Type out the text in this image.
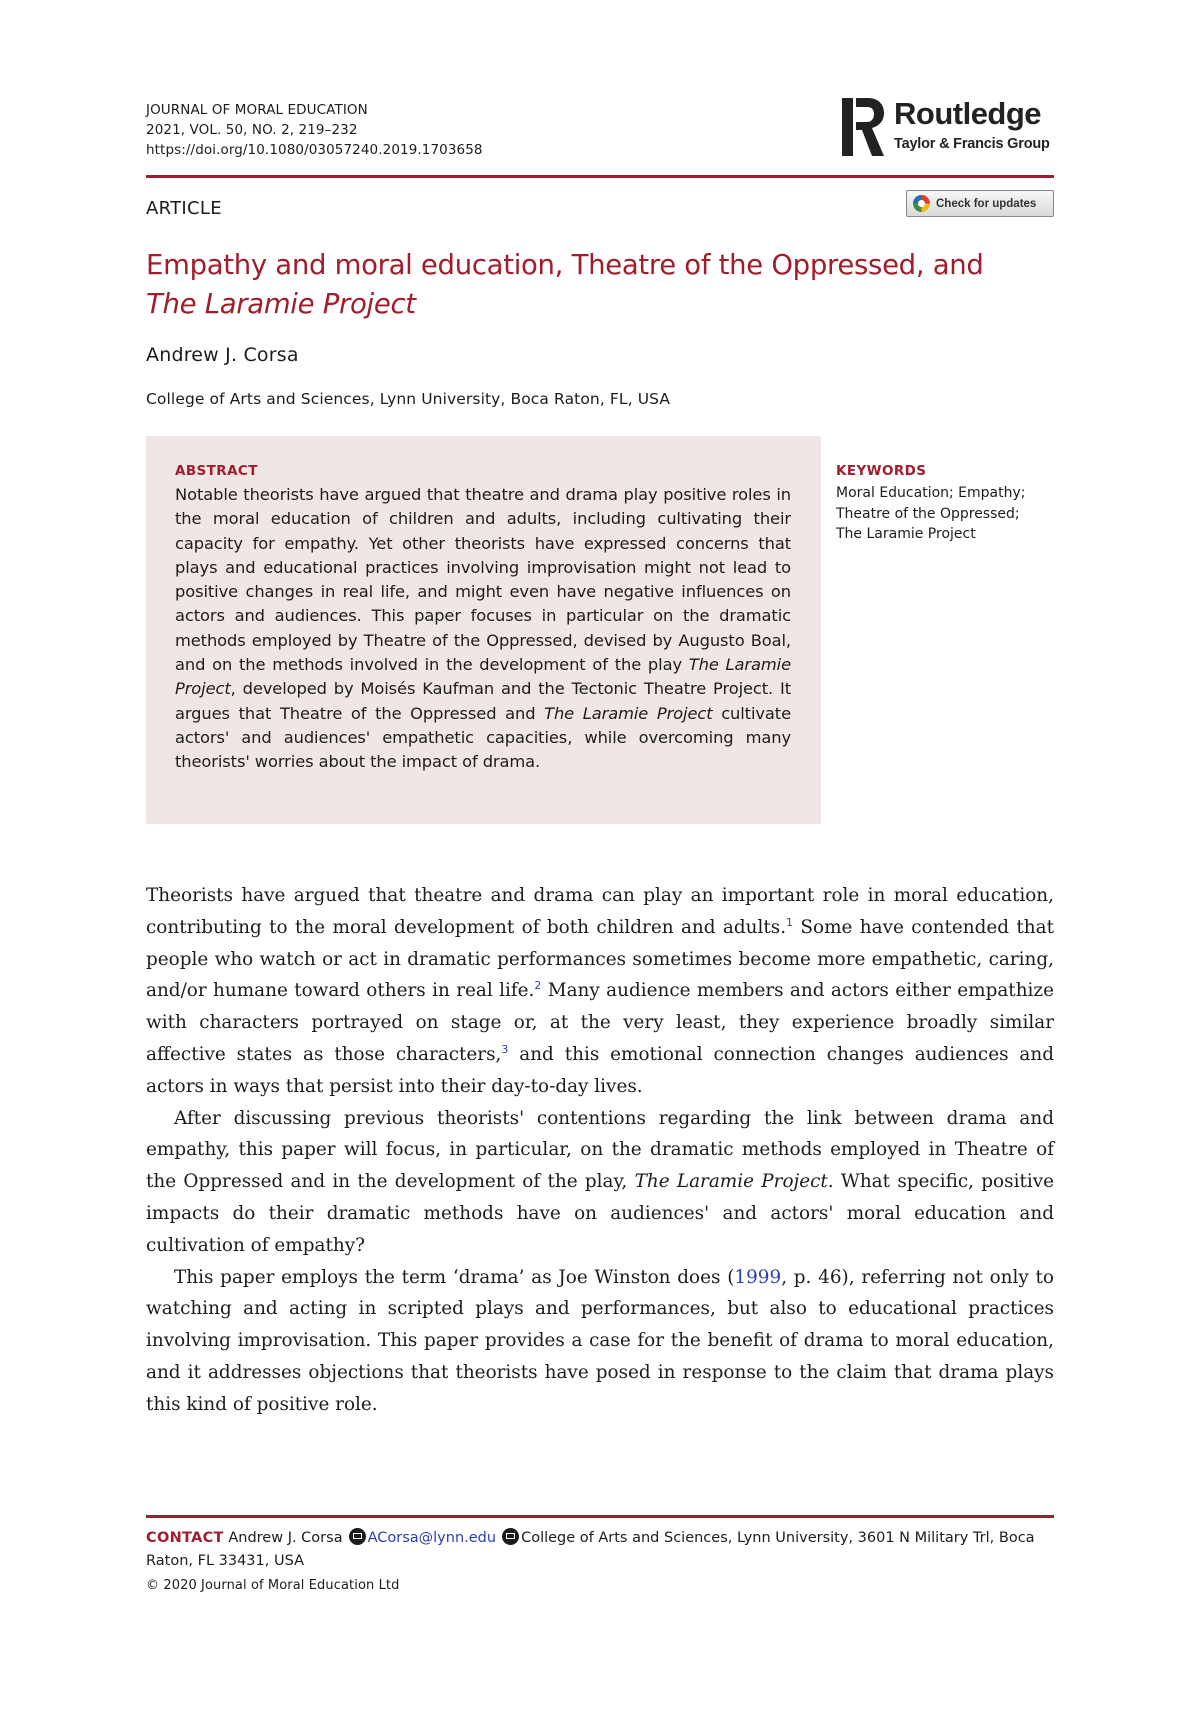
JOURNAL OF MORAL EDUCATION
2021, VOL. 50, NO. 2, 219–232
https://doi.org/10.1080/03057240.2019.1703658
Routledge
Taylor & Francis Group
ARTICLE	Check for updates
Empathy and moral education, Theatre of the Oppressed, and
The Laramie Project
Andrew J. Corsa
College of Arts and Sciences, Lynn University, Boca Raton, FL, USA
ABSTRACT
Notable theorists have argued that theatre and drama play positive roles in the moral education of children and adults, including cultivating their capacity for empathy. Yet other theorists have expressed concerns that plays and educational practices involving improvisation might not lead to positive changes in real life, and might even have negative influences on actors and audiences. This paper focuses in particular on the dramatic methods employed by Theatre of the Oppressed, devised by Augusto Boal, and on the methods involved in the development of the play The Laramie Project, developed by Moisés Kaufman and the Tectonic Theatre Project. It argues that Theatre of the Oppressed and The Laramie Project cultivate actors' and audiences' empathetic capacities, while overcoming many theorists' worries about the impact of drama.
KEYWORDS
Moral Education; Empathy;
Theatre of the Oppressed;
The Laramie Project

Theorists have argued that theatre and drama can play an important role in moral education, contributing to the moral development of both children and adults.$^1$ Some have contended that people who watch or act in dramatic performances sometimes become more empathetic, caring, and/or humane toward others in real life.$^2$ Many audience members and actors either empathize with characters portrayed on stage or, at the very least, they experience broadly similar affective states as those characters,$^3$ and this emotional connection changes audiences and actors in ways that persist into their day-to-day lives.

After discussing previous theorists' contentions regarding the link between drama and empathy, this paper will focus, in particular, on the dramatic methods employed in Theatre of the Oppressed and in the development of the play, The Laramie Project. What specific, positive impacts do their dramatic methods have on audiences' and actors' moral education and cultivation of empathy?

This paper employs the term ‘drama’ as Joe Winston does (1999, p. 46), referring not only to watching and acting in scripted plays and performances, but also to educational practices involving improvisation. This paper provides a case for the benefit of drama to moral education, and it addresses objections that theorists have posed in response to the claim that drama plays this kind of positive role.

CONTACT Andrew J. Corsa ACorsa@lynn.edu College of Arts and Sciences, Lynn University, 3601 N Military Trl, Boca Raton, FL 33431, USA
© 2020 Journal of Moral Education Ltd
